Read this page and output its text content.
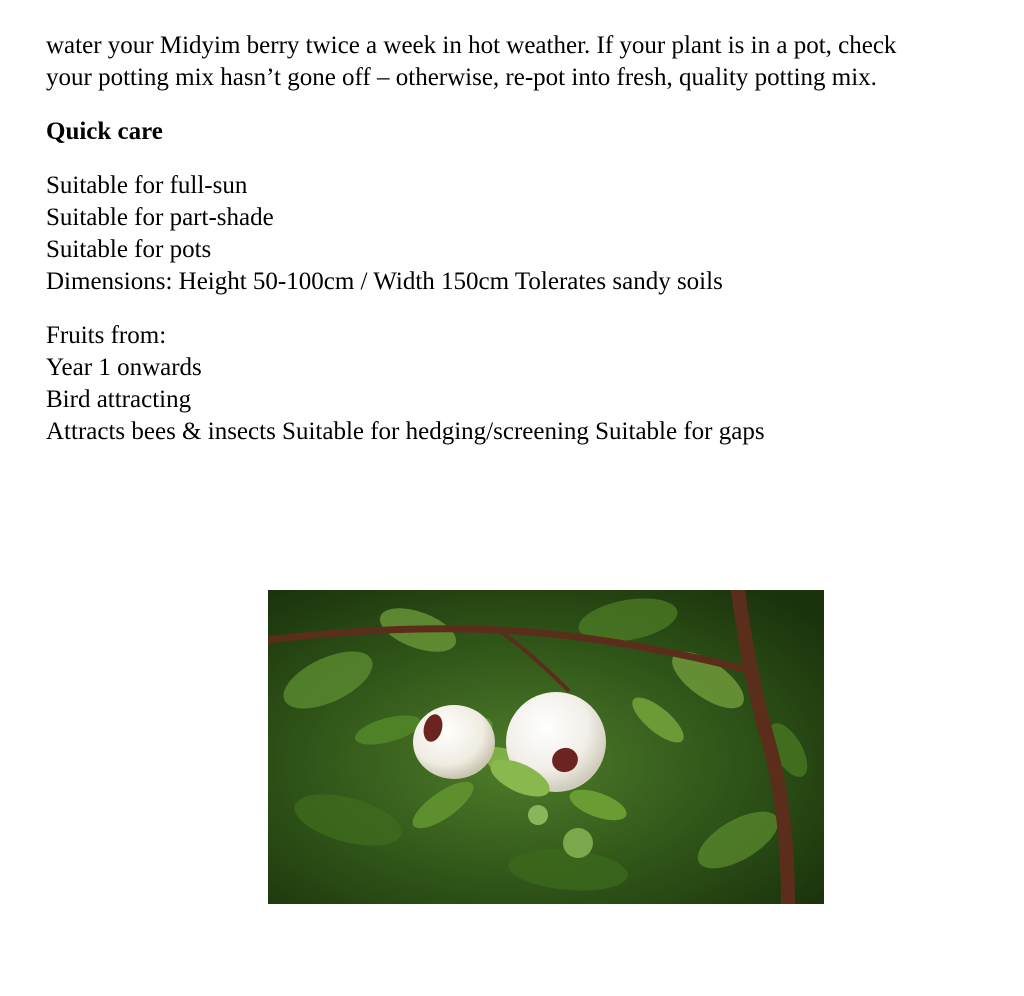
water your Midyim berry twice a week in hot weather. If your plant is in a pot, check
your potting mix hasn’t gone off – otherwise, re-pot into fresh, quality potting mix.

Quick care

Suitable for full-sun
Suitable for part-shade
Suitable for pots
Dimensions: Height 50-100cm / Width 150cm Tolerates sandy soils
Fruits from:
Year 1 onwards
Bird attracting
Attracts bees & insects Suitable for hedging/screening Suitable for gaps
